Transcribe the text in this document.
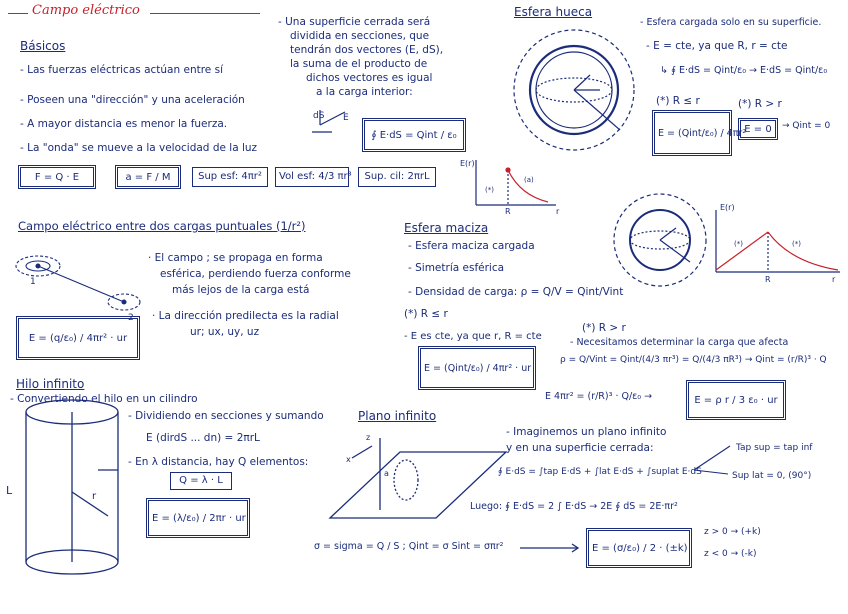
Campo eléctrico
Básicos
- Las fuerzas eléctricas actúan entre sí
- Poseen una "dirección" y una aceleración
- A mayor distancia es menor la fuerza.
- La "onda" se mueve a la velocidad de la luz
F = Q · E	a = F / M	Sup esf: 4πr²	Vol esf: 4/3 πr³	Sup. cil: 2πrL
- Una superficie cerrada será
dividida en secciones, que
tendrán dos vectores (E, dS),
la suma de el producto de
dichos vectores es igual
a la carga interior:
∮ E·dS = Qint / ε₀
dS E
Esfera hueca
- Esfera cargada solo en su superficie.
- E = cte, ya que R, r = cte
↳ ∮ E·dS = Qint/ε₀ → E·dS = Qint/ε₀
(*) R ≤ r	(*) R > r
E = (Qint/ε₀) / 4πr²
E = 0	→ Qint = 0
Campo eléctrico entre dos cargas puntuales (1/r²)
· El campo ; se propaga en forma
esférica, perdiendo fuerza conforme
más lejos de la carga está
· La dirección predilecta es la radial
ur; ux, uy, uz
E = (q/ε₀) / 4πr² · ur
1
2
Esfera maciza
- Esfera maciza cargada
- Simetría esférica
- Densidad de carga: ρ = Q/V = Qint/Vint
(*) R ≤ r
- E es cte, ya que r, R = cte
E = (Qint/ε₀) / 4πr² · ur
(*) R > r
- Necesitamos determinar la carga que afecta
ρ = Q/Vint = Qint/(4/3 πr³) = Q/(4/3 πR³) → Qint = (r/R)³ · Q
E 4πr² = (r/R)³ · Q/ε₀ →	E = ρ r / 3 ε₀ · ur
Hilo infinito
- Convertiendo el hilo en un cilindro
- Dividiendo en secciones y sumando
E (dirdS ... dn) = 2πrL
- En λ distancia, hay Q elementos:
Q = λ · L
E = (λ/ε₀) / 2πr · ur
L	r
Plano infinito
- Imaginemos un plano infinito
y en una superficie cerrada:
∮ E·dS = ∫tap E·dS + ∫lat E·dS + ∫suplat E·dS
Tap sup = tap inf
Sup lat = 0, (90°)
Luego: ∮ E·dS = 2 ∫ E·dS → 2E ∮ dS = 2E·πr²
σ = sigma = Q / S ; Qint = σ Sint = σπr²	E = (σ/ε₀) / 2 · (±k)
z > 0 → (+k)
z < 0 → (-k)
E(r)
r
R
(*)
(a)
E(r)
r
R
(*)	(*)
z
x
a
